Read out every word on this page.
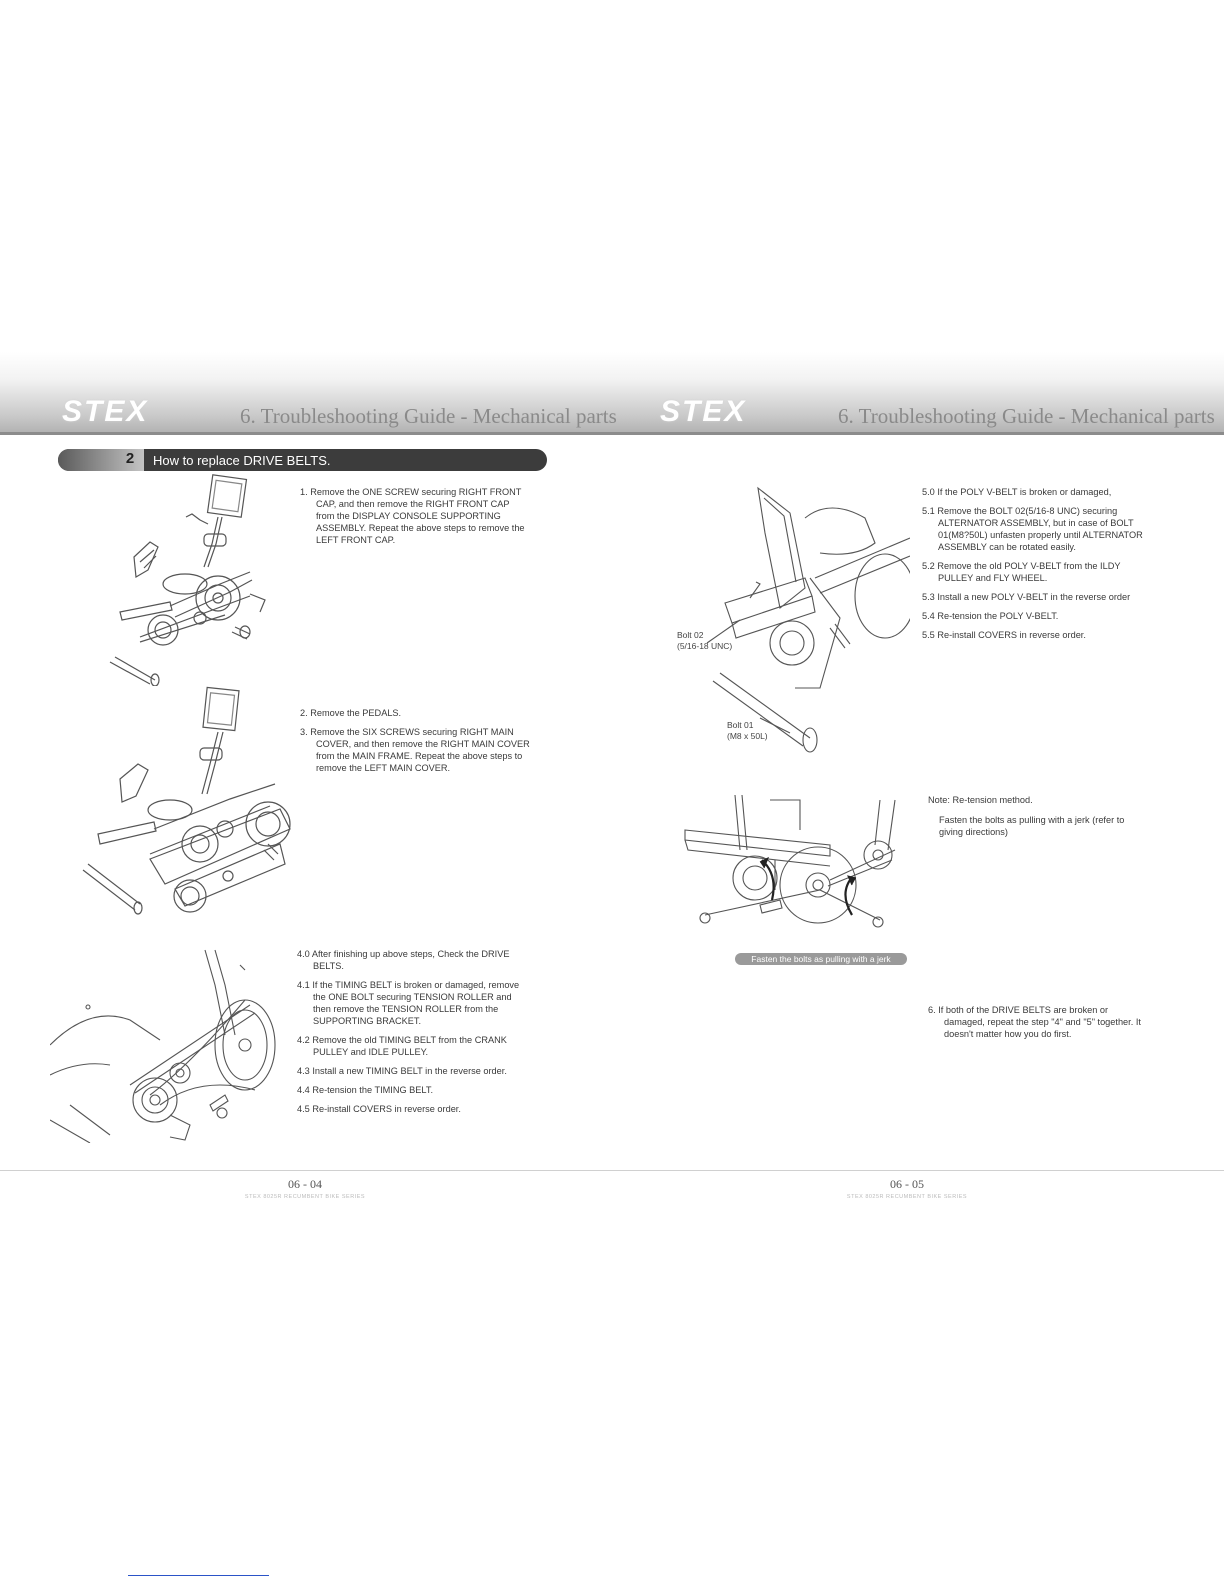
STEX	6. Troubleshooting Guide - Mechanical parts STEX	6. Troubleshooting Guide - Mechanical parts
2	How to replace DRIVE BELTS.

1. Remove the ONE SCREW securing RIGHT FRONT CAP, and then remove the RIGHT FRONT CAP from the DISPLAY CONSOLE SUPPORTING ASSEMBLY. Repeat the above steps to remove the LEFT FRONT CAP.

2. Remove the PEDALS.

3. Remove the SIX SCREWS securing RIGHT MAIN COVER, and then remove the RIGHT MAIN COVER from the MAIN FRAME. Repeat the above steps to remove the LEFT MAIN COVER.

4.0 After finishing up above steps, Check the DRIVE BELTS.

4.1 If the TIMING BELT is broken or damaged, remove the ONE BOLT securing TENSION ROLLER and then remove the TENSION ROLLER from the SUPPORTING BRACKET.

4.2 Remove the old TIMING BELT from the CRANK PULLEY and IDLE PULLEY.

4.3 Install a new TIMING BELT in the reverse order.

4.4 Re-tension the TIMING BELT.

4.5 Re-install COVERS in reverse order.

Fasten the bolts as pulling with a jerk
Bolt 02
(5/16-18 UNC)
Bolt 01
(M8 x 50L)

5.0 If the POLY V-BELT is broken or damaged,

5.1 Remove the BOLT 02(5/16-8 UNC) securing ALTERNATOR ASSEMBLY, but in case of BOLT 01(M8?50L) unfasten properly until ALTERNATOR ASSEMBLY can be rotated easily.

5.2 Remove the old POLY V-BELT from the ILDY PULLEY and FLY WHEEL.

5.3 Install a new POLY V-BELT in the reverse order

5.4 Re-tension the POLY V-BELT.

5.5 Re-install COVERS in reverse order.

Note: Re-tension method.
Fasten the bolts as pulling with a jerk (refer to giving directions)

6. If both of the DRIVE BELTS are broken or damaged, repeat the step "4" and "5" together. It doesn't matter how you do first.

06 - 04
STEX 8025R RECUMBENT BIKE SERIES
06 - 05
STEX 8025R RECUMBENT BIKE SERIES
